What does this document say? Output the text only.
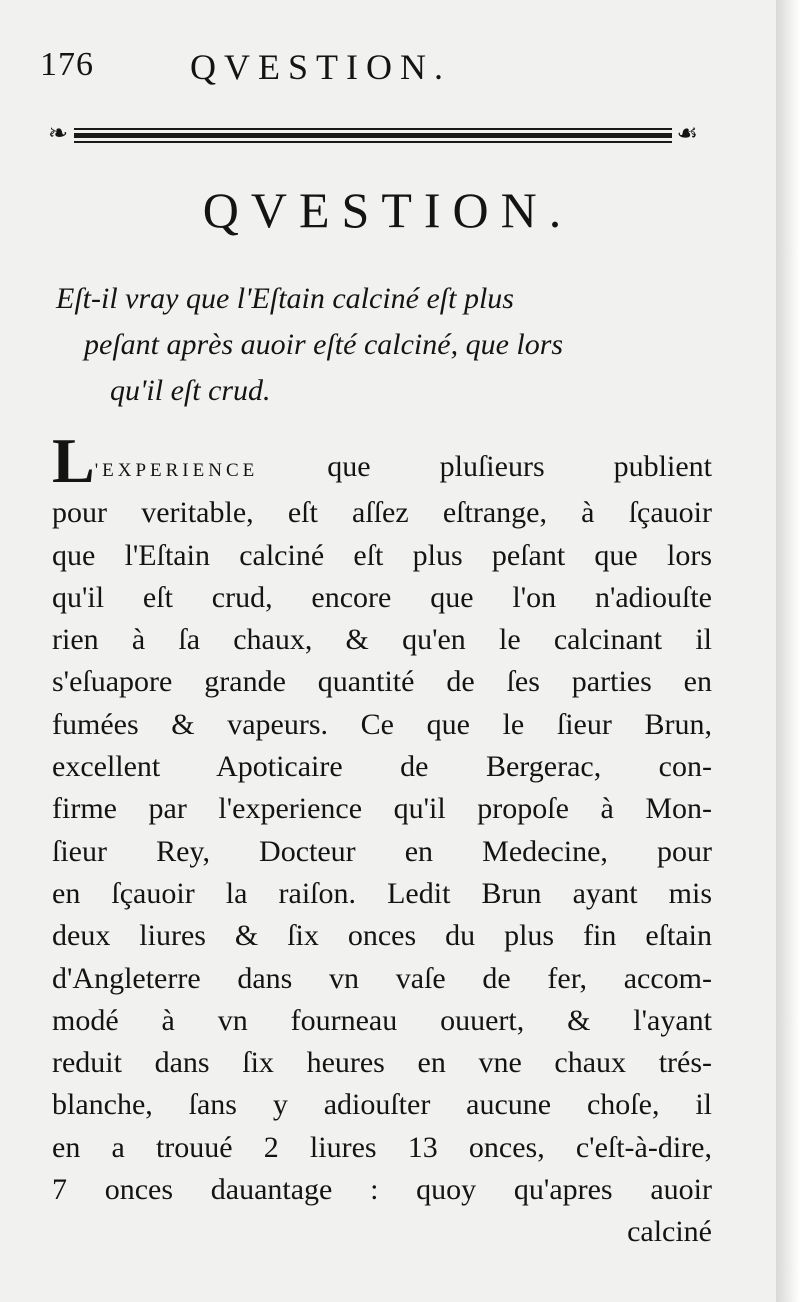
176	QVESTION.
❧	☙
QVESTION.
Eſt-il vray que l'Eſtain calciné eſt plus
peſant après auoir eſté calciné, que lors
qu'il eſt crud.
L'EXPERIENCE que pluſieurs publient
pour veritable, eſt aſſez eſtrange, à ſçauoir
que l'Eſtain calciné eſt plus peſant que lors
qu'il eſt crud, encore que l'on n'adiouſte
rien à ſa chaux, & qu'en le calcinant il
s'eſuapore grande quantité de ſes parties en
fumées & vapeurs. Ce que le ſieur Brun,
excellent Apoticaire de Bergerac, con-
firme par l'experience qu'il propoſe à Mon-
ſieur Rey, Docteur en Medecine, pour
en ſçauoir la raiſon. Ledit Brun ayant mis
deux liures & ſix onces du plus fin eſtain
d'Angleterre dans vn vaſe de fer, accom-
modé à vn fourneau ouuert, & l'ayant
reduit dans ſix heures en vne chaux trés-
blanche, ſans y adiouſter aucune choſe, il
en a trouué 2 liures 13 onces, c'eſt-à-dire,
7 onces dauantage : quoy qu'apres auoir
calciné
